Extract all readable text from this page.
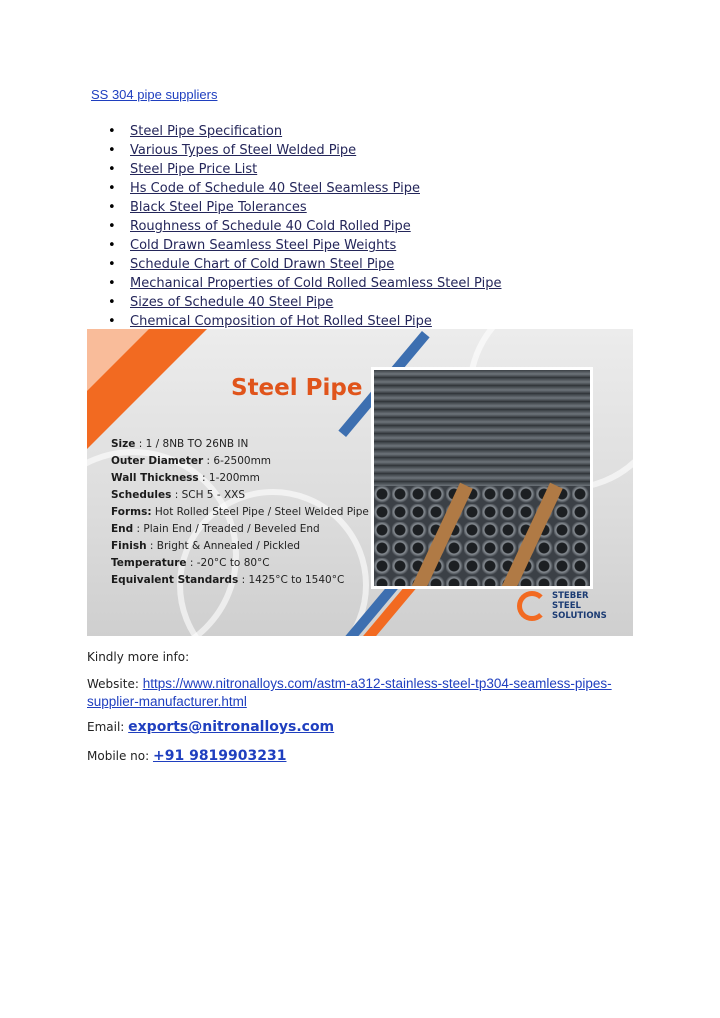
SS 304 pipe suppliers
• Steel Pipe Specification
• Various Types of Steel Welded Pipe
• Steel Pipe Price List
• Hs Code of Schedule 40 Steel Seamless Pipe
• Black Steel Pipe Tolerances
• Roughness of Schedule 40 Cold Rolled Pipe
• Cold Drawn Seamless Steel Pipe Weights
• Schedule Chart of Cold Drawn Steel Pipe
• Mechanical Properties of Cold Rolled Seamless Steel Pipe
• Sizes of Schedule 40 Steel Pipe
• Chemical Composition of Hot Rolled Steel Pipe
Steel Pipe
Size : 1 / 8NB TO 26NB IN
Outer Diameter : 6-2500mm
Wall Thickness : 1-200mm
Schedules : SCH 5 - XXS
Forms: Hot Rolled Steel Pipe / Steel Welded Pipe
End : Plain End / Treaded / Beveled End
Finish : Bright & Annealed / Pickled
Temperature : -20°C to 80°C
Equivalent Standards : 1425°C to 1540°C
STEBER
STEEL
SOLUTIONS
Kindly more info:
Website: https://www.nitronalloys.com/astm-a312-stainless-steel-tp304-seamless-pipes-supplier-manufacturer.html
Email: exports@nitronalloys.com
Mobile no: +91 9819903231
